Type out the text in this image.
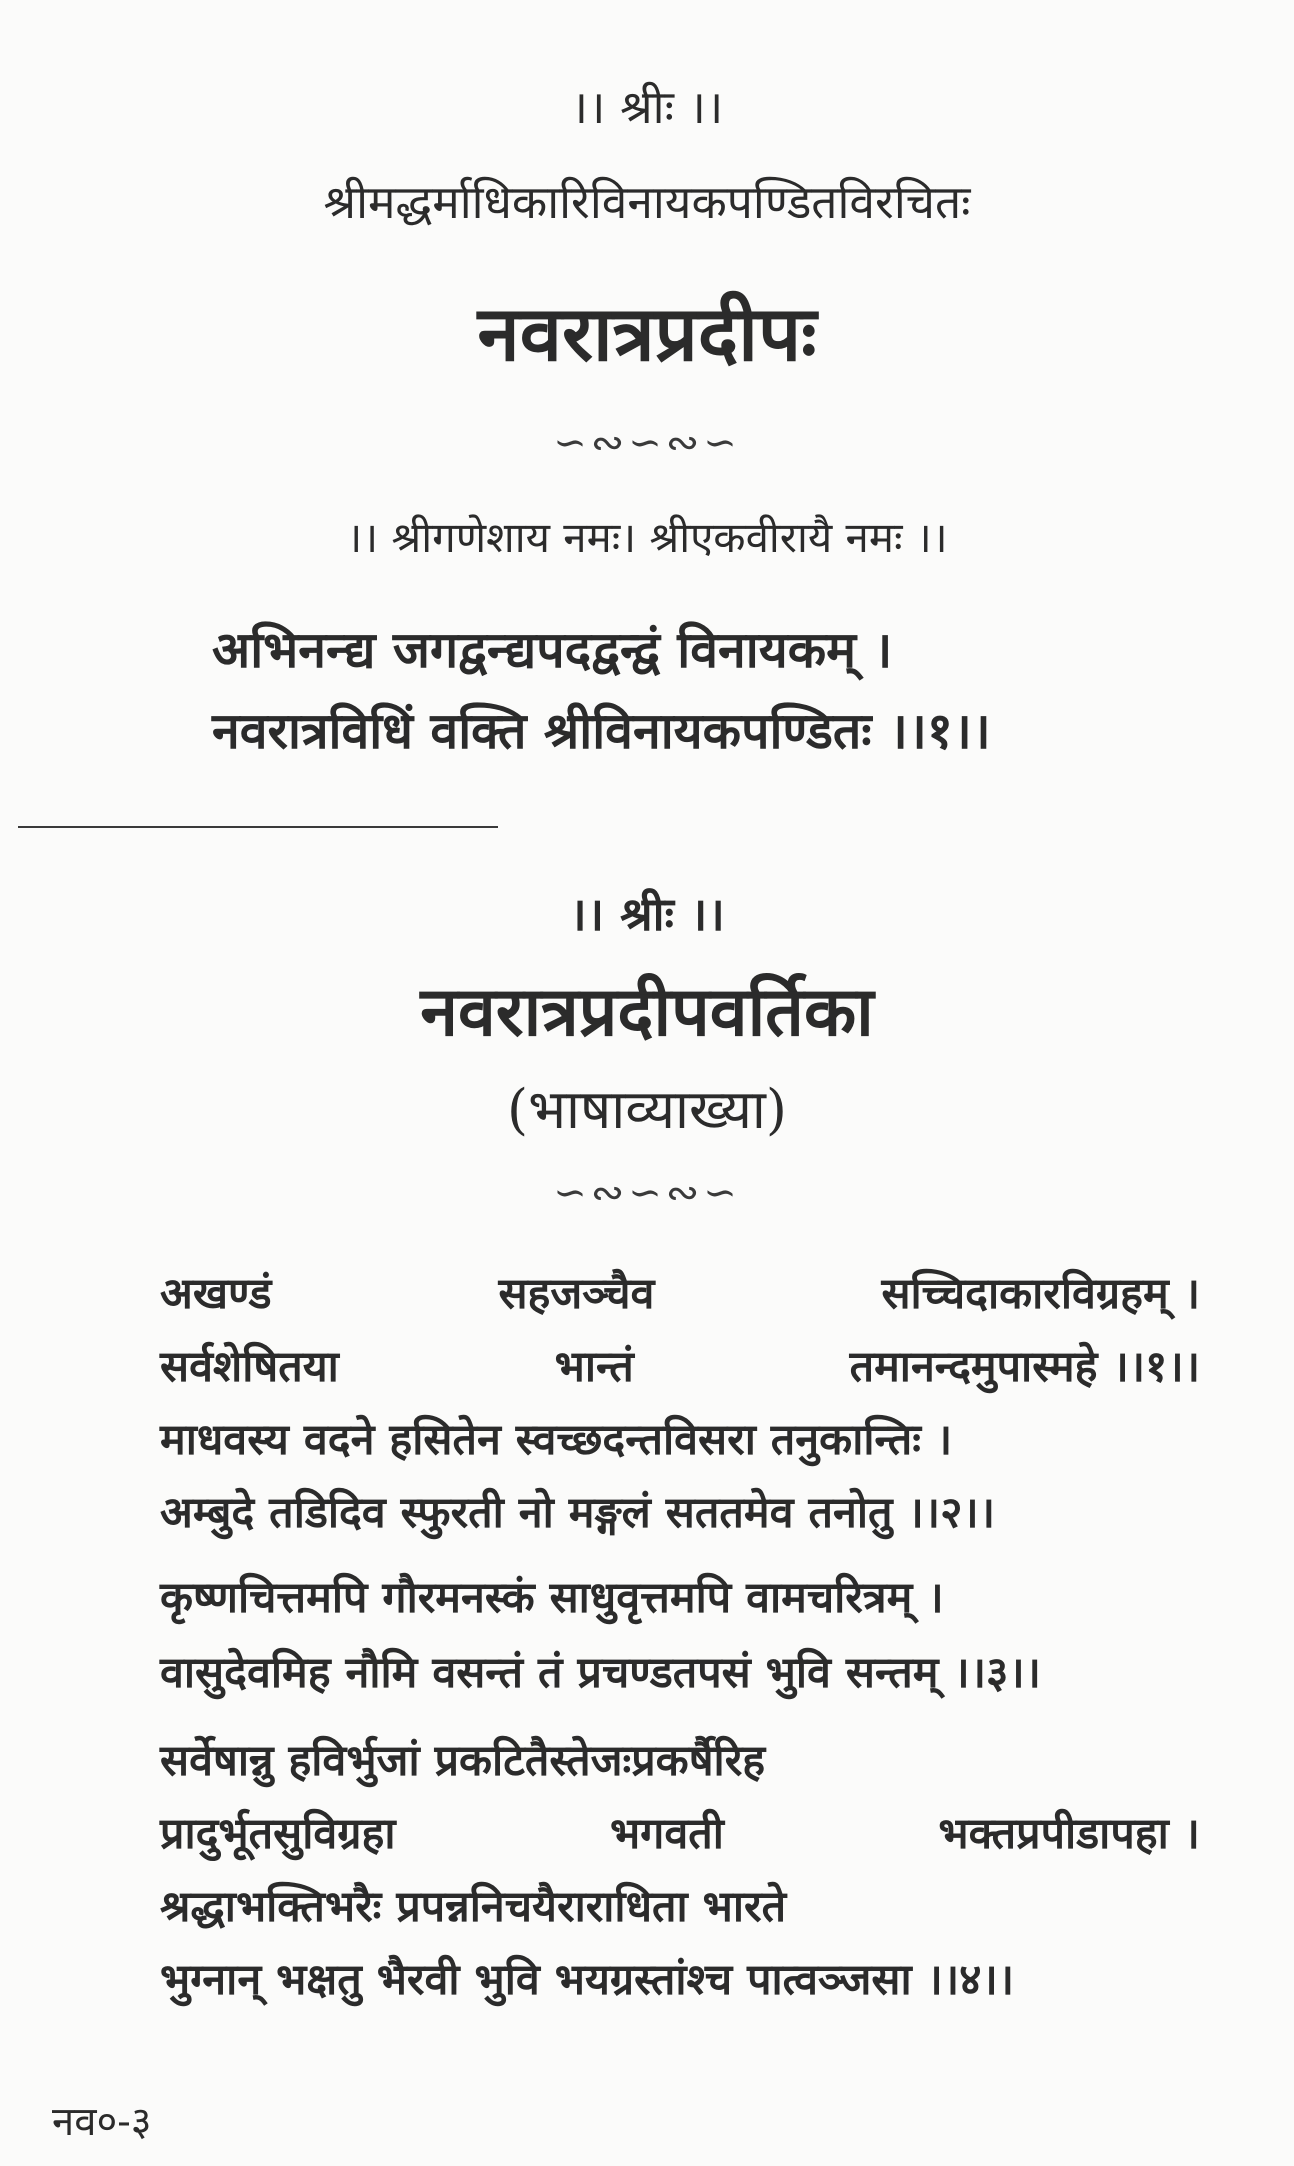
।। श्रीः ।।
श्रीमद्धर्माधिकारिविनायकपण्डितविरचितः
नवरात्रप्रदीपः
∽∾∽∾∽
।। श्रीगणेशाय नमः। श्रीएकवीरायै नमः ।।
अभिनन्द्य जगद्वन्द्यपदद्वन्द्वं विनायकम् ।
नवरात्रविधिं वक्ति श्रीविनायकपण्डितः ।।१।।
।। श्रीः ।।
नवरात्रप्रदीपवर्तिका
(भाषाव्याख्या)
∽∾∽∾∽
अखण्डं	सहजञ्चैव	सच्चिदाकारविग्रहम् ।
सर्वशेषितया	भान्तं	तमानन्दमुपास्महे ।।१।।
माधवस्य वदने हसितेन स्वच्छदन्तविसरा तनुकान्तिः ।
अम्बुदे तडिदिव स्फुरती नो मङ्गलं सततमेव तनोतु ।।२।।
कृष्णचित्तमपि गौरमनस्कं साधुवृत्तमपि वामचरित्रम् ।
वासुदेवमिह नौमि वसन्तं तं प्रचण्डतपसं भुवि सन्तम् ।।३।।
सर्वेषान्नु हविर्भुजां प्रकटितैस्तेजःप्रकर्षैरिह
प्रादुर्भूतसुविग्रहा	भगवती	भक्तप्रपीडापहा ।
श्रद्धाभक्तिभरैः प्रपन्ननिचयैराराधिता भारते
भुग्नान् भक्षतु भैरवी भुवि भयग्रस्तांश्च पात्वञ्जसा ।।४।।
नव०-३
